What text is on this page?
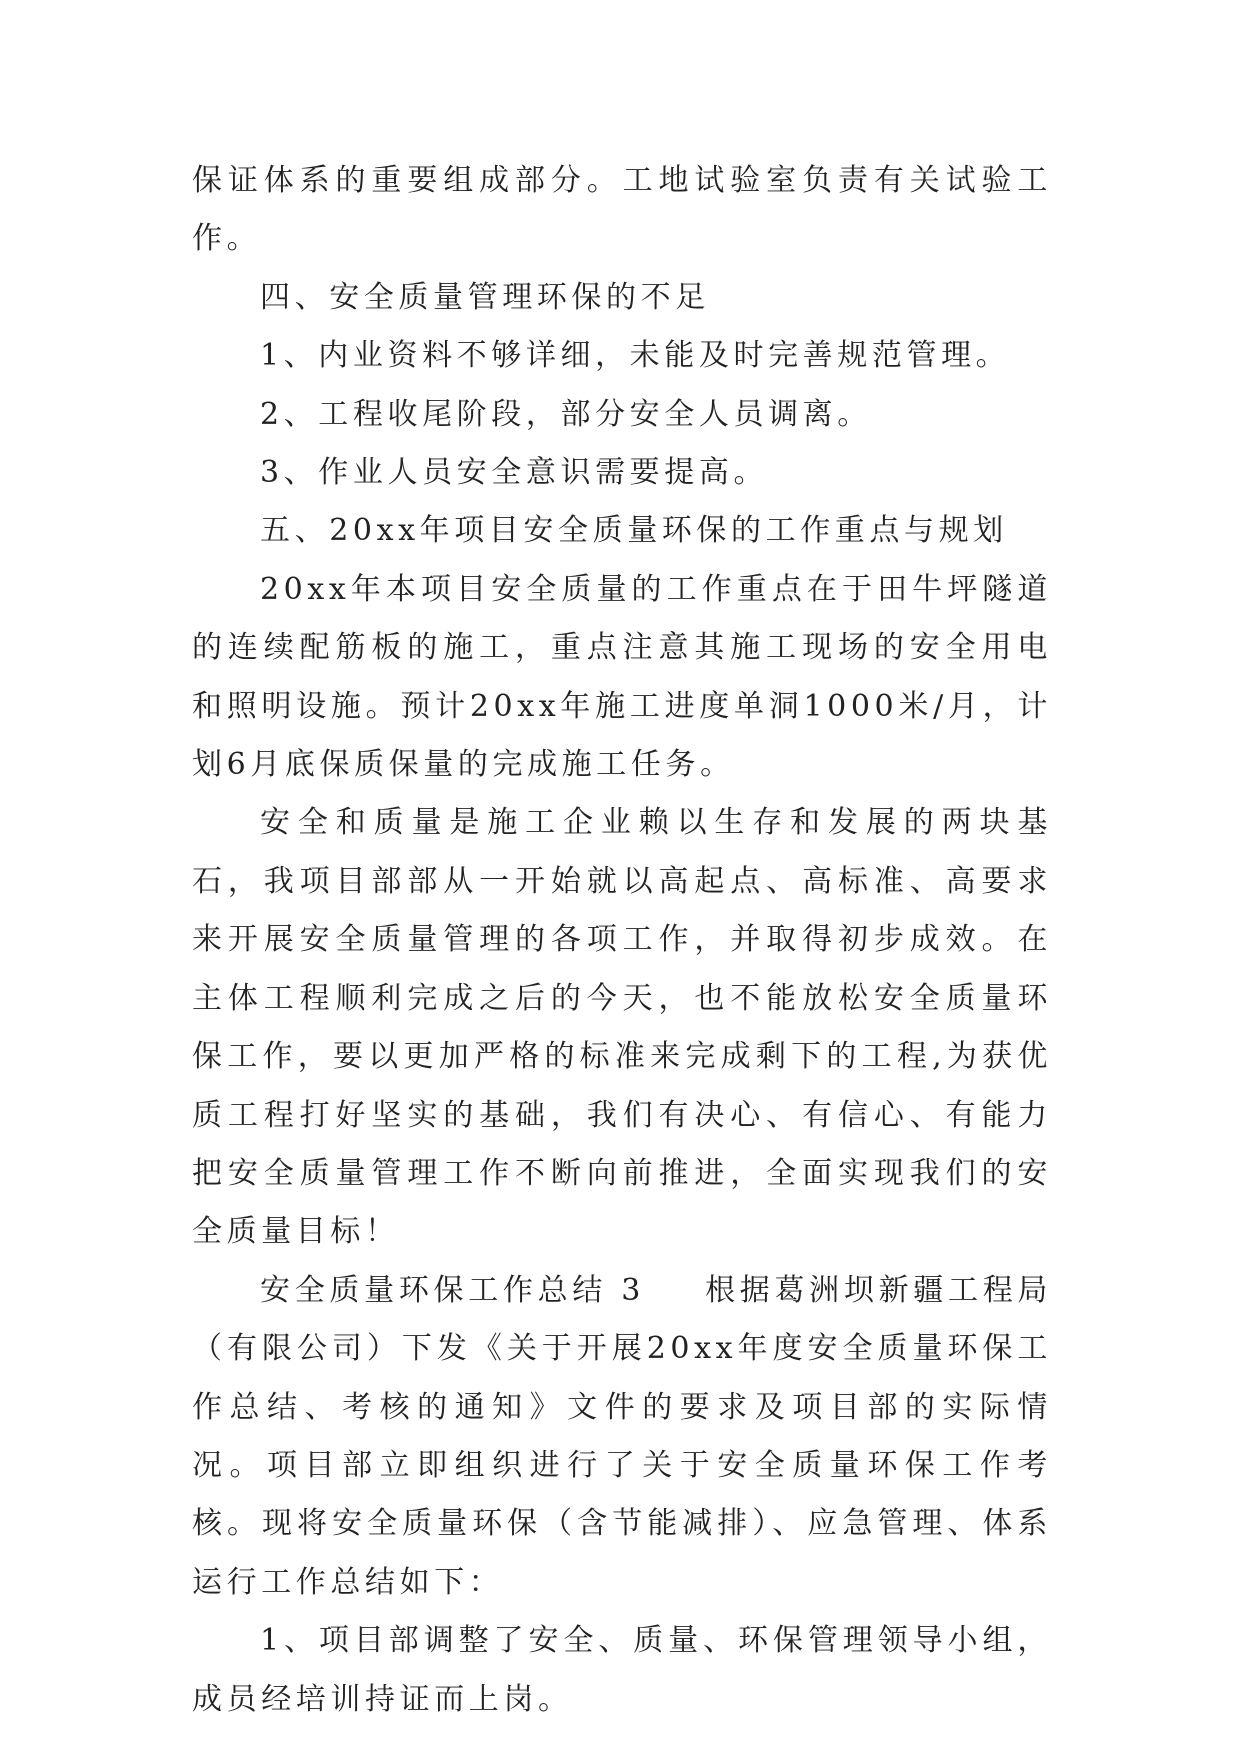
保证体系的重要组成部分。工地试验室负责有关试验工作。

四、安全质量管理环保的不足

1、内业资料不够详细，未能及时完善规范管理。

2、工程收尾阶段，部分安全人员调离。

3、作业人员安全意识需要提高。

五、20xx年项目安全质量环保的工作重点与规划

20xx年本项目安全质量的工作重点在于田牛坪隧道的连续配筋板的施工，重点注意其施工现场的安全用电和照明设施。预计20xx年施工进度单洞1000米/月，计划6月底保质保量的完成施工任务。

安全和质量是施工企业赖以生存和发展的两块基石，我项目部部从一开始就以高起点、高标准、高要求来开展安全质量管理的各项工作，并取得初步成效。在主体工程顺利完成之后的今天，也不能放松安全质量环保工作，要以更加严格的标准来完成剩下的工程,为获优质工程打好坚实的基础，我们有决心、有信心、有能力把安全质量管理工作不断向前推进，全面实现我们的安全质量目标！

安全质量环保工作总结 3 根据葛洲坝新疆工程局（有限公司）下发《关于开展20xx年度安全质量环保工作总结、考核的通知》文件的要求及项目部的实际情况。项目部立即组织进行了关于安全质量环保工作考核。现将安全质量环保（含节能减排）、应急管理、体系运行工作总结如下：

1、项目部调整了安全、质量、环保管理领导小组，成员经培训持证而上岗。
